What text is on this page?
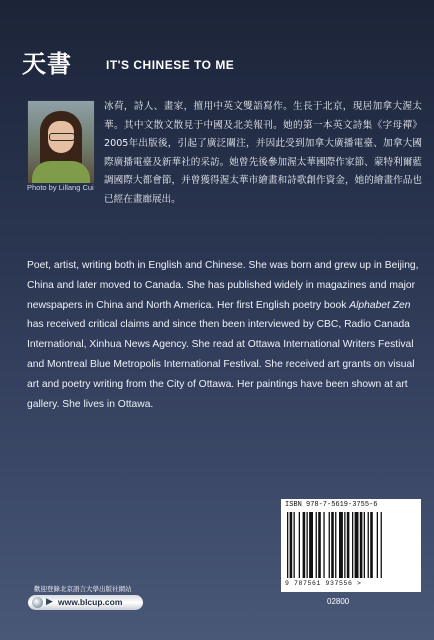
天書	IT'S CHINESE TO ME
Photo by Lillang Cui

冰荷，詩人、畫家，擅用中英文雙語寫作。生長于北京，現居加拿大渥太華。其中文散文散見于中國及北美報刊。她的第一本英文詩集《字母禪》2005年出版後，引起了廣泛關注，并因此受到加拿大廣播電臺、加拿大國際廣播電臺及新華社的采訪。她曾先後參加渥太華國際作家節、蒙特利爾藍調國際大都會節，并曾獲得渥太華市繪畫和詩歌創作資金，她的繪畫作品也已經在畫廊展出。

Poet, artist, writing both in English and Chinese. She was born and grew up in Beijing, China and later moved to Canada. She has published widely in magazines and major newspapers in China and North America. Her first English poetry book Alphabet Zen has received critical claims and since then been interviewed by CBC, Radio Canada International, Xinhua News Agency. She read at Ottawa International Writers Festival and Montreal Blue Metropolis International Festival. She received art grants on visual art and poetry writing from the City of Ottawa. Her paintings have been shown at art gallery. She lives in Ottawa.

ISBN 978-7-5619-3755-6
9 787561 937556 >
02800
歡迎登錄北京語言大學出版社網站
▶ www.blcup.com
